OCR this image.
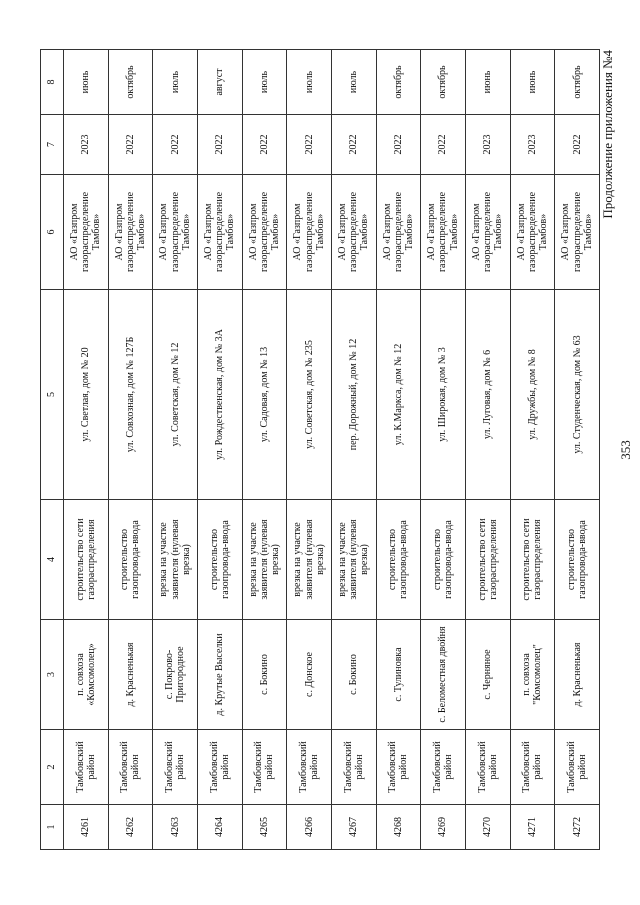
1	2	3	4	5	6	7	8
4261	Тамбовский район	п. совхоза «Комсомолец»	строительство сети газораспределения	ул. Светлая, дом № 20	АО «Газпром газораспределение Тамбов»	2023	июнь
4262	Тамбовский район	д. Красненькая	строительство газопровода-ввода	ул. Совхозная, дом № 127Б	АО «Газпром газораспределение Тамбов»	2022	октябрь
4263	Тамбовский район	с. Покрово-Пригородное	врезка на участке заявителя (нулевая врезка)	ул. Советская, дом № 12	АО «Газпром газораспределение Тамбов»	2022	июль
4264	Тамбовский район	д. Крутые Выселки	строительство газопровода-ввода	ул. Рождественская, дом № 3А	АО «Газпром газораспределение Тамбов»	2022	август
4265	Тамбовский район	с. Бокино	врезка на участке заявителя (нулевая врезка)	ул. Садовая, дом № 13	АО «Газпром газораспределение Тамбов»	2022	июль
4266	Тамбовский район	с. Донское	врезка на участке заявителя (нулевая врезка)	ул. Советская, дом № 235	АО «Газпром газораспределение Тамбов»	2022	июль
4267	Тамбовский район	с. Бокино	врезка на участке заявителя (нулевая врезка)	пер. Дорожный, дом № 12	АО «Газпром газораспределение Тамбов»	2022	июль
4268	Тамбовский район	с. Тулиновка	строительство газопровода-ввода	ул. К.Маркса, дом № 12	АО «Газпром газораспределение Тамбов»	2022	октябрь
4269	Тамбовский район	с. Беломестная двойня	строительство газопровода-ввода	ул. Широкая, дом № 3	АО «Газпром газораспределение Тамбов»	2022	октябрь
4270	Тамбовский район	с. Черняное	строительство сети газораспределения	ул. Луговая, дом № 6	АО «Газпром газораспределение Тамбов»	2023	июнь
4271	Тамбовский район	п. совхоза "Комсомолец"	строительство сети газораспределения	ул. Дружбы, дом № 8	АО «Газпром газораспределение Тамбов»	2023	июнь
4272	Тамбовский район	д. Красненькая	строительство газопровода-ввода	ул. Студенческая, дом № 63	АО «Газпром газораспределение Тамбов»	2022	октябрь Продолжение приложения №4
353
